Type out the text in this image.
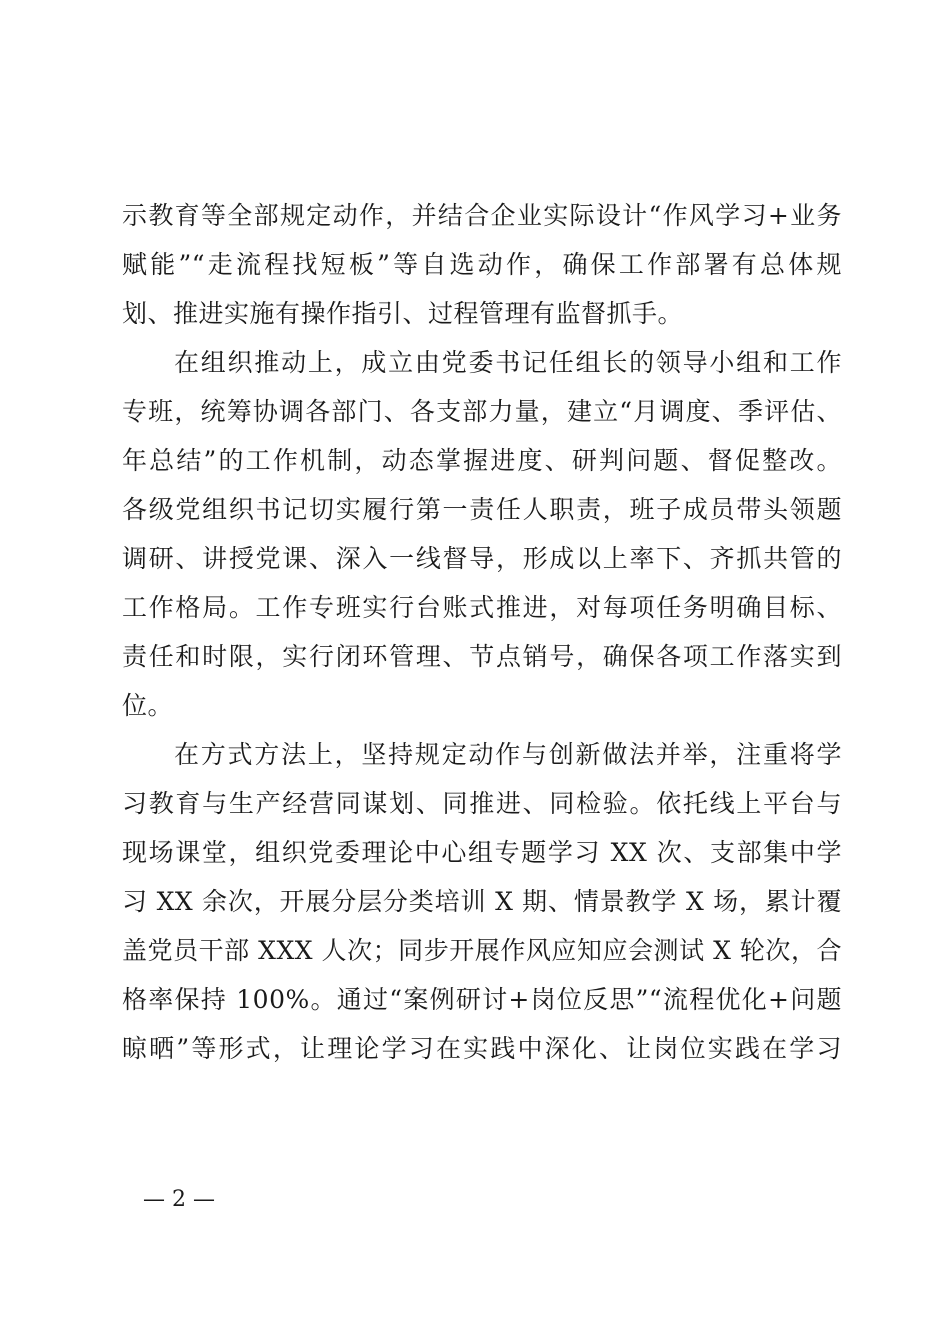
示教育等全部规定动作，并结合企业实际设计“作风学习+业务
赋能”“走流程找短板”等自选动作，确保工作部署有总体规
划、推进实施有操作指引、过程管理有监督抓手。
在组织推动上，成立由党委书记任组长的领导小组和工作
专班，统筹协调各部门、各支部力量，建立“月调度、季评估、
年总结”的工作机制，动态掌握进度、研判问题、督促整改。
各级党组织书记切实履行第一责任人职责，班子成员带头领题
调研、讲授党课、深入一线督导，形成以上率下、齐抓共管的
工作格局。工作专班实行台账式推进，对每项任务明确目标、
责任和时限，实行闭环管理、节点销号，确保各项工作落实到
位。
在方式方法上，坚持规定动作与创新做法并举，注重将学
习教育与生产经营同谋划、同推进、同检验。依托线上平台与
现场课堂，组织党委理论中心组专题学习 XX 次、支部集中学
习 XX 余次，开展分层分类培训 X 期、情景教学 X 场，累计覆
盖党员干部 XXX 人次；同步开展作风应知应会测试 X 轮次，合
格率保持 100%。通过“案例研讨+岗位反思”“流程优化+问题
晾晒”等形式，让理论学习在实践中深化、让岗位实践在学习
— 2 —
